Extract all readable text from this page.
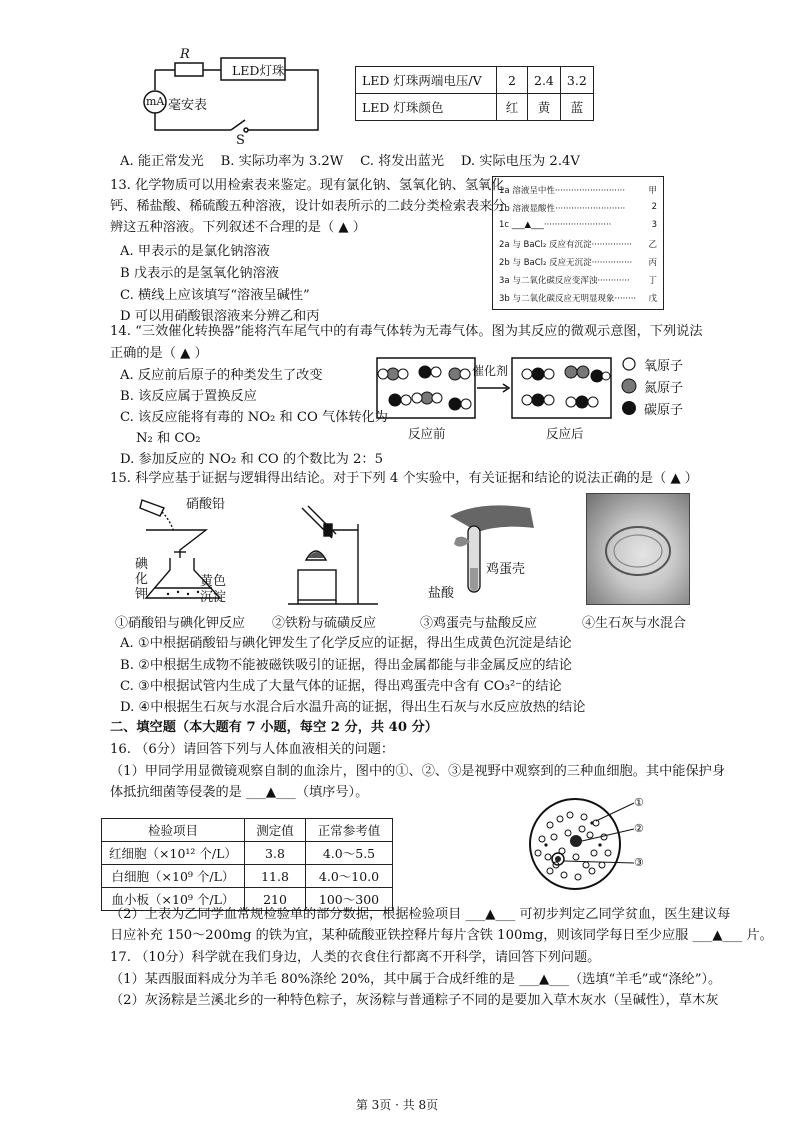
R
LED灯珠
mA 毫安表
S
LED 灯珠两端电压/V	2	2.4	3.2
LED 灯珠颜色	红	黄	蓝
A. 能正常发光    B. 实际功率为 3.2W    C. 将发出蓝光    D. 实际电压为 2.4V
13. 化学物质可以用检索表来鉴定。现有氯化钠、氢氧化钠、氢氧化
钙、稀盐酸、稀硫酸五种溶液，设计如表所示的二歧分类检索表来分
辨这五种溶液。下列叙述不合理的是（ ▲ ）
A. 甲表示的是氯化钠溶液
B 戊表示的是氢氧化钠溶液
C. 横线上应该填写“溶液呈碱性”
D 可以用硝酸银溶液来分辨乙和丙
1a 溶液呈中性··························	甲
1b 溶液显酸性··························	2
1c ___▲___·························	3
2a 与 BaCl₂ 反应有沉淀··············· 乙
2b 与 BaCl₂ 反应无沉淀··············· 丙
3a 与二氧化碳反应变浑浊············ 丁
3b 与二氧化碳反应无明显现象········ 戊
14. “三效催化转换器”能将汽车尾气中的有毒气体转为无毒气体。图为其反应的微观示意图，下列说法
正确的是（ ▲ ）
A. 反应前后原子的种类发生了改变
B. 该反应属于置换反应
C. 该反应能将有毒的 NO₂ 和 CO 气体转化为
N₂ 和 CO₂
D. 参加反应的 NO₂ 和 CO 的个数比为 2：5
催化剂
反应前	反应后
氧原子
氮原子
碳原子
15. 科学应基于证据与逻辑得出结论。对于下列 4 个实验中，有关证据和结论的说法正确的是（ ▲ ）
硝酸铅
碘
化
钾
黄色
沉淀
鸡蛋壳
盐酸
①硝酸铅与碘化钾反应 ②铁粉与硫磺反应	③鸡蛋壳与盐酸反应	④生石灰与水混合
A. ①中根据硝酸铅与碘化钾发生了化学反应的证据，得出生成黄色沉淀是结论
B. ②中根据生成物不能被磁铁吸引的证据，得出金属都能与非金属反应的结论
C. ③中根据试管内生成了大量气体的证据，得出鸡蛋壳中含有 CO₃²⁻的结论
D. ④中根据生石灰与水混合后水温升高的证据，得出生石灰与水反应放热的结论
二、填空题（本大题有 7 小题，每空 2 分，共 40 分）
16. （6分）请回答下列与人体血液相关的问题：
（1）甲同学用显微镜观察自制的血涂片，图中的①、②、③是视野中观察到的三种血细胞。其中能保护身
体抵抗细菌等侵袭的是 ___▲___（填序号）。
检验项目	测定值	正常参考值
红细胞（×10¹² 个/L）	3.8	4.0～5.5
白细胞（×10⁹ 个/L）	11.8	4.0～10.0
血小板（×10⁹ 个/L）	210	100～300
①
②
③
（2）上表为乙同学血常规检验单的部分数据，根据检验项目 ___▲___ 可初步判定乙同学贫血，医生建议每
日应补充 150～200mg 的铁为宜，某种硫酸亚铁控释片每片含铁 100mg，则该同学每日至少应服 ___▲___ 片。
17. （10分）科学就在我们身边，人类的衣食住行都离不开科学，请回答下列问题。
（1）某西服面料成分为羊毛 80%涤纶 20%，其中属于合成纤维的是 ___▲___（选填“羊毛”或“涤纶”）。
（2）灰汤粽是兰溪北乡的一种特色粽子，灰汤粽与普通粽子不同的是要加入草木灰水（呈碱性），草木灰
第 3页 · 共 8页
